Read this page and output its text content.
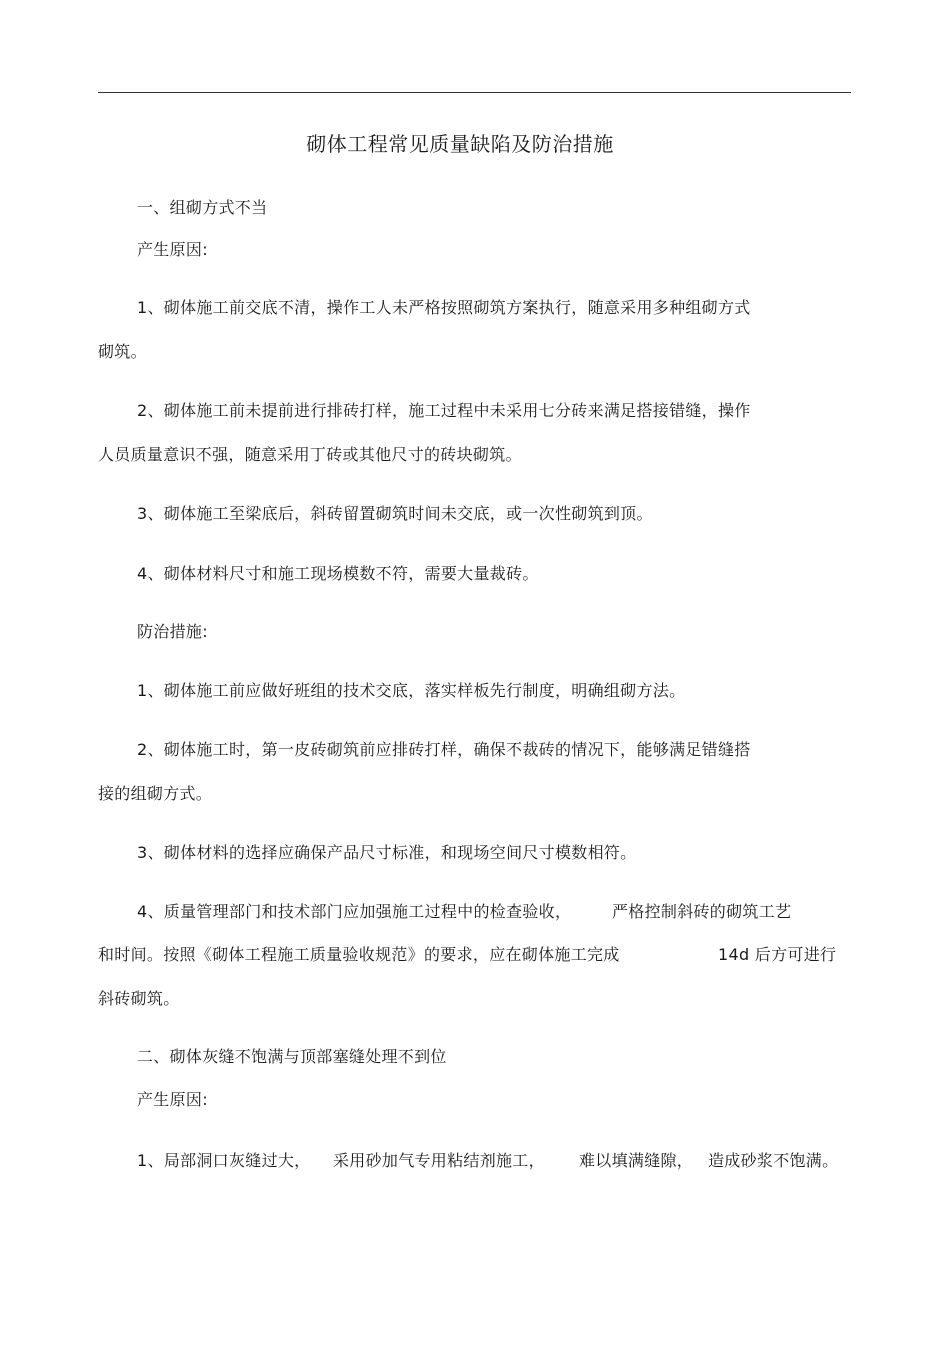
砌体工程常见质量缺陷及防治措施
一、组砌方式不当
产生原因:
1、砌体施工前交底不清，操作工人未严格按照砌筑方案执行，随意采用多种组砌方式
砌筑。
2、砌体施工前未提前进行排砖打样，施工过程中未采用七分砖来满足搭接错缝，操作
人员质量意识不强，随意采用丁砖或其他尺寸的砖块砌筑。
3、砌体施工至梁底后，斜砖留置砌筑时间未交底，或一次性砌筑到顶。
4、砌体材料尺寸和施工现场模数不符，需要大量裁砖。
防治措施:
1、砌体施工前应做好班组的技术交底，落实样板先行制度，明确组砌方法。
2、砌体施工时，第一皮砖砌筑前应排砖打样，确保不裁砖的情况下，能够满足错缝搭
接的组砌方式。
3、砌体材料的选择应确保产品尺寸标准，和现场空间尺寸模数相符。
4、质量管理部门和技术部门应加强施工过程中的检查验收，	严格控制斜砖的砌筑工艺
和时间。按照《砌体工程施工质量验收规范》的要求，应在砌体施工完成	14d 后方可进行
斜砖砌筑。
二、砌体灰缝不饱满与顶部塞缝处理不到位
产生原因:
1、局部洞口灰缝过大， 采用砂加气专用粘结剂施工， 难以填满缝隙， 造成砂浆不饱满。
